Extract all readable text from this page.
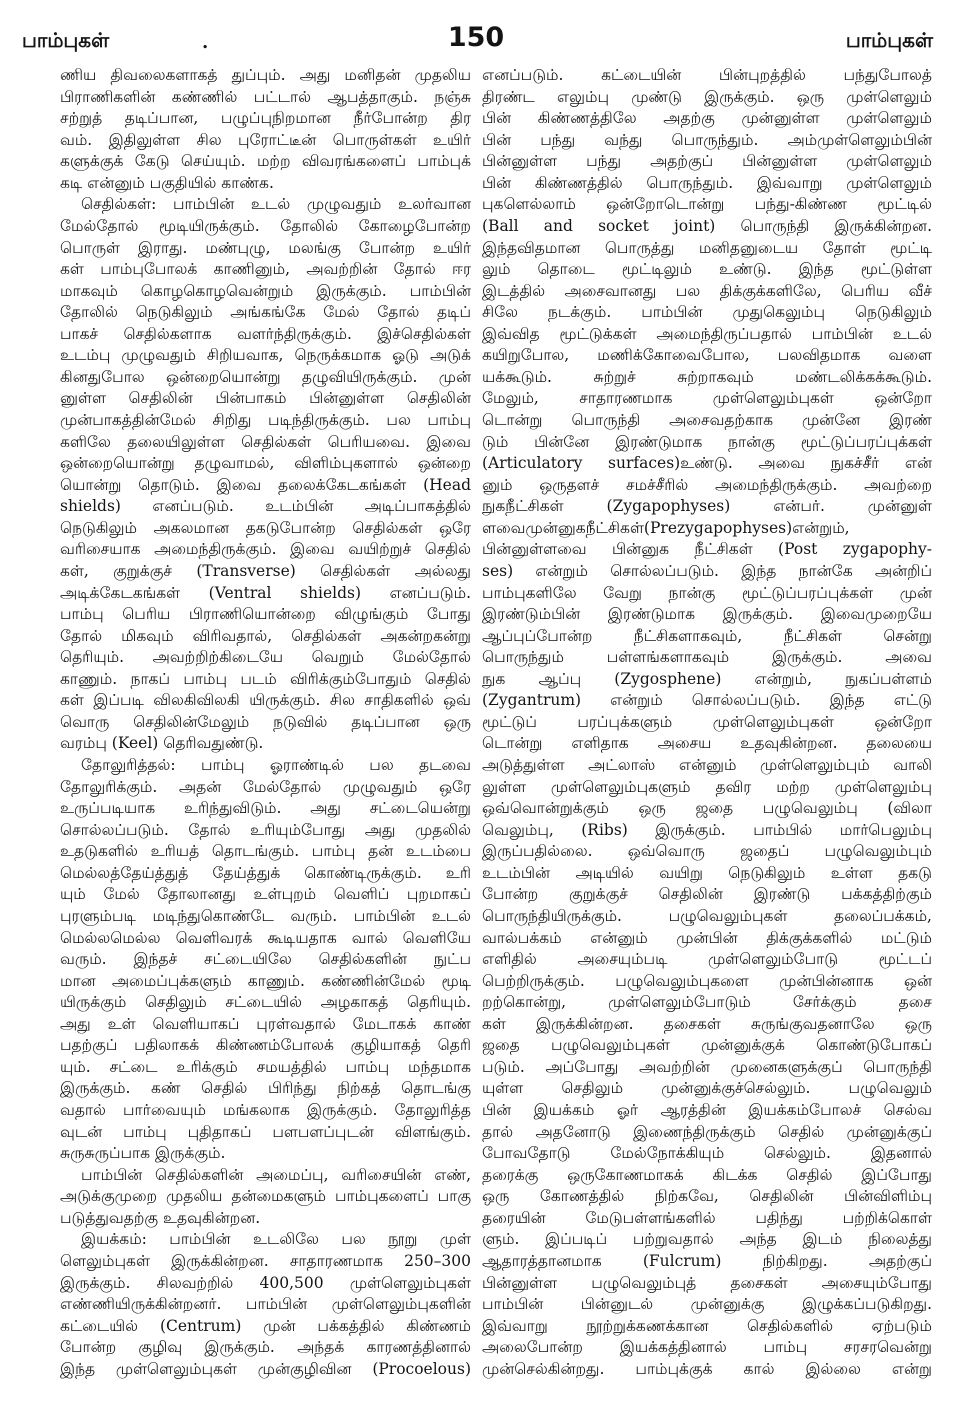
பாம்புகள்	.	150	பாம்புகள்
ணிய திவலைகளாகத் துப்பும். அது மனிதன் முதலிய
பிராணிகளின் கண்ணில் பட்டால் ஆபத்தாகும். நஞ்சு
சற்றுத் தடிப்பான, பழுப்புநிறமான நீர்போன்ற திர
வம். இதிலுள்ள சில புரோட்டீன் பொருள்கள் உயிர்
களுக்குக் கேடு செய்யும். மற்ற விவரங்களைப் பாம்புக்
கடி என்னும் பகுதியில் காண்க.
செதில்கள்: பாம்பின் உடல் முழுவதும் உலர்வான
மேல்தோல் மூடியிருக்கும். தோலில் கோழைபோன்ற
பொருள் இராது. மண்புழு, மலங்கு போன்ற உயிர்
கள் பாம்புபோலக் காணினும், அவற்றின் தோல் ஈர
மாகவும் கொழகொழவென்றும் இருக்கும். பாம்பின்
தோலில் நெடுகிலும் அங்கங்கே மேல் தோல் தடிப்
பாகச் செதில்களாக வளர்ந்திருக்கும். இச்செதில்கள்
உடம்பு முழுவதும் சிறியவாக, நெருக்கமாக ஓடு அடுக்
கினதுபோல ஒன்றையொன்று தழுவியிருக்கும். முன்
னுள்ள செதிலின் பின்பாகம் பின்னுள்ள செதிலின்
முன்பாகத்தின்மேல் சிறிது படிந்திருக்கும். பல பாம்பு
களிலே தலையிலுள்ள செதில்கள் பெரியவை. இவை
ஒன்றையொன்று தழுவாமல், விளிம்புகளால் ஒன்றை
யொன்று தொடும். இவை தலைக்கேடகங்கள் (Head
shields) எனப்படும். உடம்பின் அடிப்பாகத்தில்
நெடுகிலும் அகலமான தகடுபோன்ற செதில்கள் ஒரே
வரிசையாக அமைந்திருக்கும். இவை வயிற்றுச் செதில்
கள், குறுக்குச் (Transverse) செதில்கள் அல்லது
அடிக்கேடகங்கள் (Ventral shields) எனப்படும்.
பாம்பு பெரிய பிராணியொன்றை விழுங்கும் போது
தோல் மிகவும் விரிவதால், செதில்கள் அகன்றகன்று
தெரியும். அவற்றிற்கிடையே வெறும் மேல்தோல்
காணும். நாகப் பாம்பு படம் விரிக்கும்போதும் செதில்
கள் இப்படி விலகிவிலகி யிருக்கும். சில சாதிகளில் ஒவ்
வொரு செதிலின்மேலும் நடுவில் தடிப்பான ஒரு
வரம்பு (Keel) தெரிவதுண்டு.
தோலுரித்தல்: பாம்பு ஓராண்டில் பல தடவை
தோலுரிக்கும். அதன் மேல்தோல் முழுவதும் ஒரே
உருப்படியாக உரிந்துவிடும். அது சட்டையென்று
சொல்லப்படும். தோல் உரியும்போது அது முதலில்
உதடுகளில் உரியத் தொடங்கும். பாம்பு தன் உடம்பை
மெல்லத்தேய்த்துத் தேய்த்துக் கொண்டிருக்கும். உரி
யும் மேல் தோலானது உள்புறம் வெளிப் புறமாகப்
புரளும்படி மடிந்துகொண்டே வரும். பாம்பின் உடல்
மெல்லமெல்ல வெளிவரக் கூடியதாக வால் வெளியே
வரும். இந்தச் சட்டையிலே செதில்களின் நுட்ப
மான அமைப்புக்களும் காணும். கண்ணின்மேல் மூடி
யிருக்கும் செதிலும் சட்டையில் அழகாகத் தெரியும்.
அது உள் வெளியாகப் புரள்வதால் மேடாகக் காண்
பதற்குப் பதிலாகக் கிண்ணம்போலக் குழியாகத் தெரி
யும். சட்டை உரிக்கும் சமயத்தில் பாம்பு மந்தமாக
இருக்கும். கண் செதில் பிரிந்து நிற்கத் தொடங்கு
வதால் பார்வையும் மங்கலாக இருக்கும். தோலுரித்த
வுடன் பாம்பு புதிதாகப் பளபளப்புடன் விளங்கும்.
சுருசுருப்பாக இருக்கும்.
பாம்பின் செதில்களின் அமைப்பு, வரிசையின் எண்,
அடுக்குமுறை முதலிய தன்மைகளும் பாம்புகளைப் பாகு
படுத்துவதற்கு உதவுகின்றன.
இயக்கம்: பாம்பின் உடலிலே பல நூறு முள்
ளெலும்புகள் இருக்கின்றன. சாதாரணமாக 250–300
இருக்கும். சிலவற்றில் 400,500 முள்ளெலும்புகள்
எண்ணியிருக்கின்றனர். பாம்பின் முள்ளெலும்புகளின்
கட்டையில் (Centrum) முன் பக்கத்தில் கிண்ணம்
போன்ற குழிவு இருக்கும். அந்தக் காரணத்தினால்
இந்த முள்ளெலும்புகள் முன்குழிவின (Procoelous)
எனப்படும். கட்டையின் பின்புறத்தில் பந்துபோலத்
திரண்ட எலும்பு முண்டு இருக்கும். ஒரு முள்ளெலும்
பின் கிண்ணத்திலே அதற்கு முன்னுள்ள முள்ளெலும்
பின் பந்து வந்து பொருந்தும். அம்முள்ளெலும்பின்
பின்னுள்ள பந்து அதற்குப் பின்னுள்ள முள்ளெலும்
பின் கிண்ணத்தில் பொருந்தும். இவ்வாறு முள்ளெலும்
புகளெல்லாம் ஒன்றோடொன்று பந்து-கிண்ண மூட்டில்
(Ball and socket joint) பொருந்தி இருக்கின்றன.
இந்தவிதமான பொருத்து மனிதனுடைய தோள் மூட்டி
லும் தொடை மூட்டிலும் உண்டு. இந்த மூட்டுள்ள
இடத்தில் அசைவானது பல திக்குக்களிலே, பெரிய வீச்
சிலே நடக்கும். பாம்பின் முதுகெலும்பு நெடுகிலும்
இவ்வித மூட்டுக்கள் அமைந்திருப்பதால் பாம்பின் உடல்
கயிறுபோல, மணிக்கோவைபோல, பலவிதமாக வளை
யக்கூடும். சுற்றுச் சுற்றாகவும் மண்டலிக்கக்கூடும்.
மேலும், சாதாரணமாக முள்ளெலும்புகள் ஒன்றோ
டொன்று பொருந்தி அசைவதற்காக முன்னே இரண்
டும் பின்னே இரண்டுமாக நான்கு மூட்டுப்பரப்புக்கள்
(Articulatory surfaces)உண்டு. அவை நுகச்சீர் என்
னும் ஒருதளச் சமச்சீரில் அமைந்திருக்கும். அவற்றை
நுகநீட்சிகள் (Zygapophyses) என்பர். முன்னுள்
ளவைமுன்னுகநீட்சிகள்(Prezygapophyses)என்றும்,
பின்னுள்ளவை பின்னுக நீட்சிகள் (Post zygapophy-
ses) என்றும் சொல்லப்படும். இந்த நான்கே அன்றிப்
பாம்புகளிலே வேறு நான்கு மூட்டுப்பரப்புக்கள் முன்
இரண்டும்பின் இரண்டுமாக இருக்கும். இவைமுறையே
ஆப்புப்போன்ற நீட்சிகளாகவும், நீட்சிகள் சென்று
பொருந்தும் பள்ளங்களாகவும் இருக்கும். அவை
நுக ஆப்பு (Zygosphene) என்றும், நுகப்பள்ளம்
(Zygantrum) என்றும் சொல்லப்படும். இந்த எட்டு
மூட்டுப் பரப்புக்களும் முள்ளெலும்புகள் ஒன்றோ
டொன்று எளிதாக அசைய உதவுகின்றன. தலையை
அடுத்துள்ள அட்லாஸ் என்னும் முள்ளெலும்பும் வாலி
லுள்ள முள்ளெலும்புகளும் தவிர மற்ற முள்ளெலும்பு
ஒவ்வொன்றுக்கும் ஒரு ஜதை பழுவெலும்பு (விலா
வெலும்பு, (Ribs) இருக்கும். பாம்பில் மார்பெலும்பு
இருப்பதில்லை. ஒவ்வொரு ஜதைப் பழுவெலும்பும்
உடம்பின் அடியில் வயிறு நெடுகிலும் உள்ள தகடு
போன்ற குறுக்குச் செதிலின் இரண்டு பக்கத்திற்கும்
பொருந்தியிருக்கும். பழுவெலும்புகள் தலைப்பக்கம்,
வால்பக்கம் என்னும் முன்பின் திக்குக்களில் மட்டும்
எளிதில் அசையும்படி முள்ளெலும்போடு மூட்டப்
பெற்றிருக்கும். பழுவெலும்புகளை முன்பின்னாக ஒன்
றற்கொன்று, முள்ளெலும்போடும் சேர்க்கும் தசை
கள் இருக்கின்றன. தசைகள் சுருங்குவதனாலே ஒரு
ஜதை பழுவெலும்புகள் முன்னுக்குக் கொண்டுபோகப்
படும். அப்போது அவற்றின் முனைகளுக்குப் பொருந்தி
யுள்ள செதிலும் முன்னுக்குச்செல்லும். பழுவெலும்
பின் இயக்கம் ஓர் ஆரத்தின் இயக்கம்போலச் செல்வ
தால் அதனோடு இணைந்திருக்கும் செதில் முன்னுக்குப்
போவதோடு மேல்நோக்கியும் செல்லும். இதனால்
தரைக்கு ஒருகோணமாகக் கிடக்க செதில் இப்போது
ஒரு கோணத்தில் நிற்கவே, செதிலின் பின்விளிம்பு
தரையின் மேடுபள்ளங்களில் பதிந்து பற்றிக்கொள்
ளும். இப்படிப் பற்றுவதால் அந்த இடம் நிலைத்து
ஆதாரத்தானமாக (Fulcrum) நிற்கிறது. அதற்குப்
பின்னுள்ள பழுவெலும்புத் தசைகள் அசையும்போது
பாம்பின் பின்னுடல் முன்னுக்கு இழுக்கப்படுகிறது.
இவ்வாறு நூற்றுக்கணக்கான செதில்களில் ஏற்படும்
அலைபோன்ற இயக்கத்தினால் பாம்பு சரசரவென்று
முன்செல்கின்றது. பாம்புக்குக் கால் இல்லை என்று
